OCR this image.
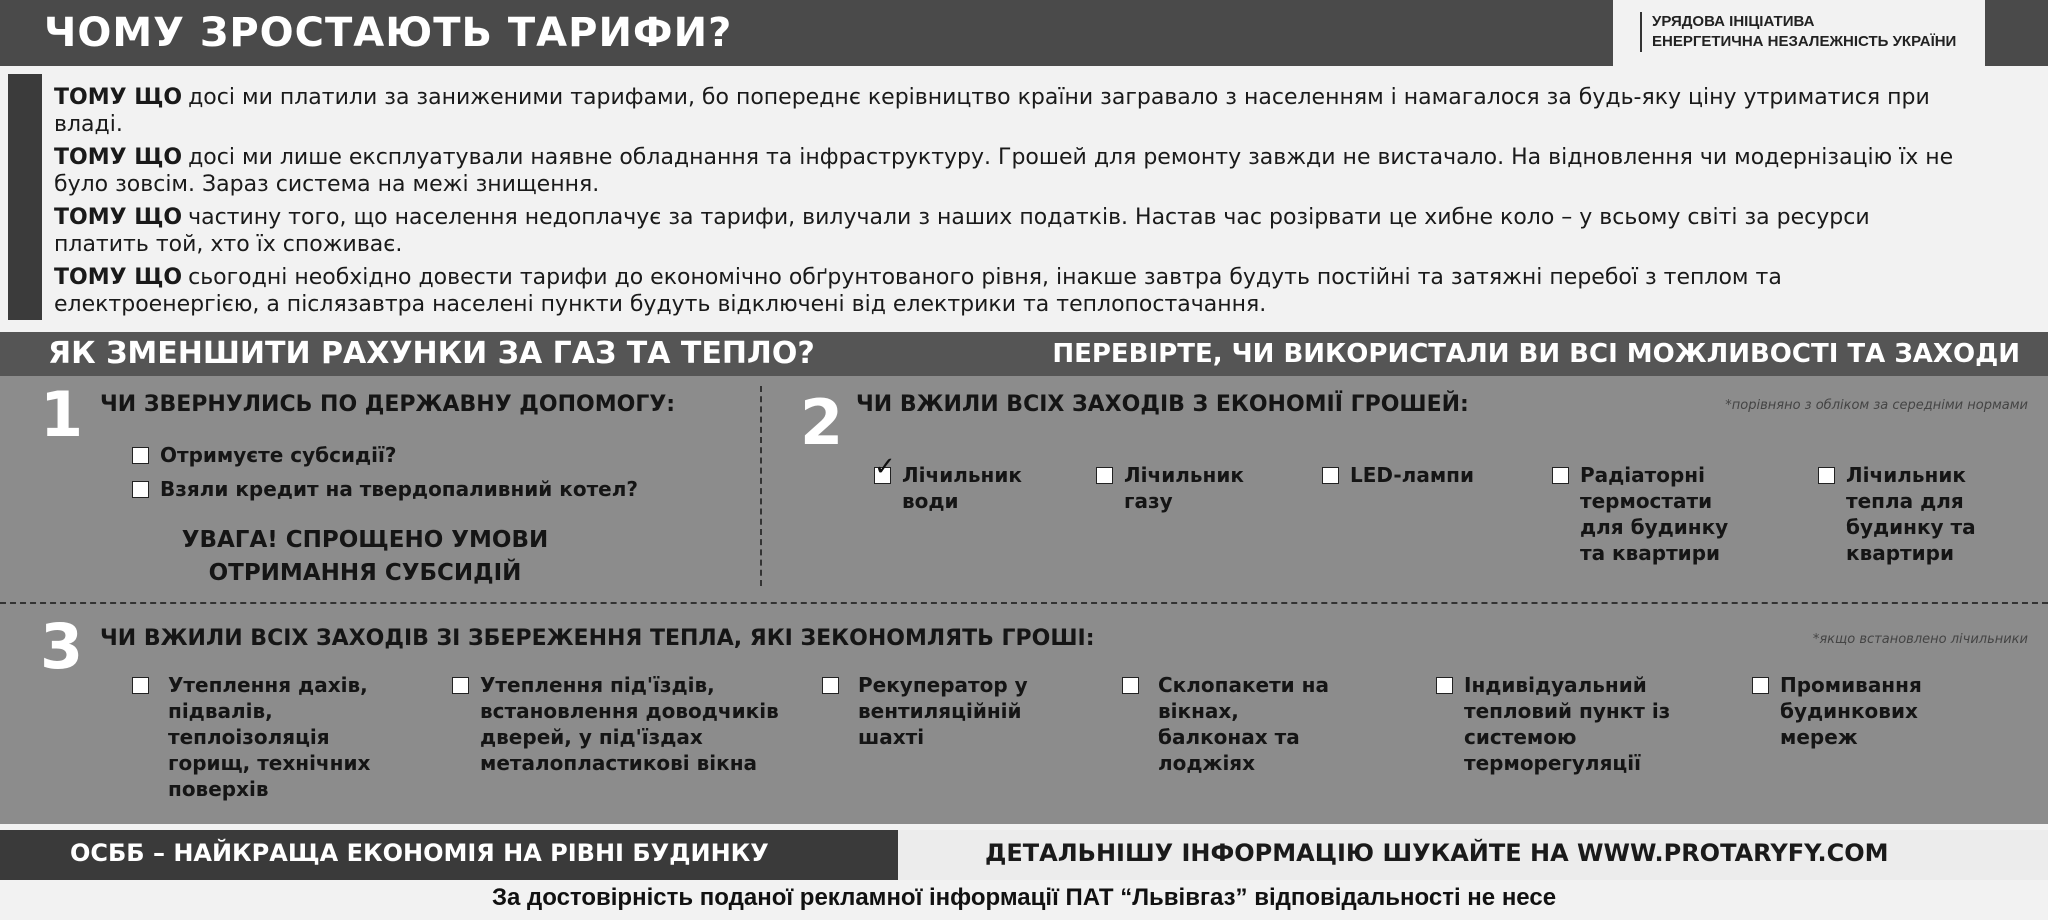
ЧОМУ ЗРОСТАЮТЬ ТАРИФИ?	УРЯДОВА ІНІЦІАТИВА
ЕНЕРГЕТИЧНА НЕЗАЛЕЖНІСТЬ УКРАЇНИ
ТОМУ ЩО досі ми платили за заниженими тарифами, бо попереднє керівництво країни загравало з населенням і намагалося за будь-яку ціну утриматися при владі.
ТОМУ ЩО досі ми лише експлуатували наявне обладнання та інфраструктуру. Грошей для ремонту завжди не вистачало. На відновлення чи модернізацію їх не було зовсім. Зараз система на межі знищення.
ТОМУ ЩО частину того, що населення недоплачує за тарифи, вилучали з наших податків. Настав час розірвати це хибне коло – у всьому світі за ресурси платить той, хто їх споживає.
ТОМУ ЩО сьогодні необхідно довести тарифи до економічно обґрунтованого рівня, інакше завтра будуть постійні та затяжні перебої з теплом та електроенергією, а післязавтра населені пункти будуть відключені від електрики та теплопостачання.
ЯК ЗМЕНШИТИ РАХУНКИ ЗА ГАЗ ТА ТЕПЛО?	ПЕРЕВІРТЕ, ЧИ ВИКОРИСТАЛИ ВИ ВСІ МОЖЛИВОСТІ ТА ЗАХОДИ
1 ЧИ ЗВЕРНУЛИСЬ ПО ДЕРЖАВНУ ДОПОМОГУ:
Отримуєте субсидії?
Взяли кредит на твердопаливний котел?
УВАГА! СПРОЩЕНО УМОВИ
ОТРИМАННЯ СУБСИДІЙ
2 ЧИ ВЖИЛИ ВСІХ ЗАХОДІВ З ЕКОНОМІЇ ГРОШЕЙ:	*порівняно з обліком за середніми нормами
✓
Лічильник води
Лічильник газу
LED-лампи	Радіаторні термостати для будинку та квартири
Лічильник тепла для будинку та квартири
3 ЧИ ВЖИЛИ ВСІХ ЗАХОДІВ ЗІ ЗБЕРЕЖЕННЯ ТЕПЛА, ЯКІ ЗЕКОНОМЛЯТЬ ГРОШІ:	*якщо встановлено лічильники
Утеплення дахів, підвалів, теплоізоляція горищ, технічних поверхів
Утеплення під'їздів, встановлення доводчиків дверей, у під'їздах металопластикові вікна
Рекуператор у вентиляційній шахті
Склопакети на вікнах, балконах та лоджіях
Індивідуальний тепловий пункт із системою терморегуляції
Промивання будинкових мереж
ОСББ – НАЙКРАЩА ЕКОНОМІЯ НА РІВНІ БУДИНКУ	ДЕТАЛЬНІШУ ІНФОРМАЦІЮ ШУКАЙТЕ НА WWW.PROTARYFY.COM
За достовірність поданої рекламної інформації ПАТ “Львівгаз” відповідальності не несе
